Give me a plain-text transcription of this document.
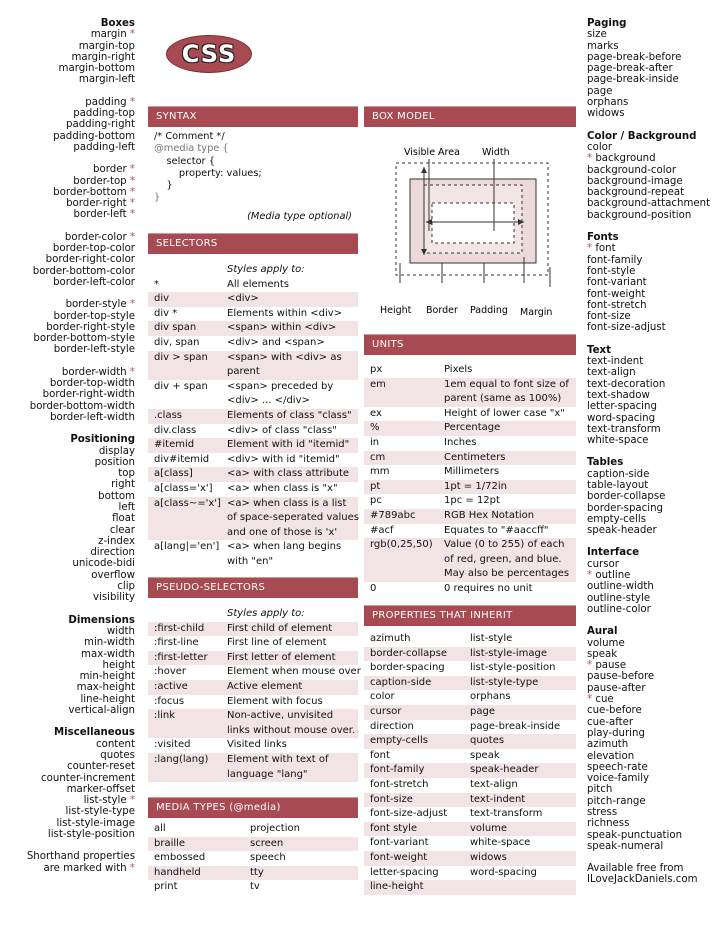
Boxes
margin *
margin-top
margin-right
margin-bottom
margin-left
padding *
padding-top
padding-right
padding-bottom
padding-left
border *
border-top *
border-bottom *
border-right *
border-left *
border-color *
border-top-color
border-right-color
border-bottom-color
border-left-color
border-style *
border-top-style
border-right-style
border-bottom-style
border-left-style
border-width *
border-top-width
border-right-width
border-bottom-width
border-left-width
Positioning
display
position
top
right
bottom
left
float
clear
z-index
direction
unicode-bidi
overflow
clip
visibility
Dimensions
width
min-width
max-width
height
min-height
max-height
line-height
vertical-align
Miscellaneous
content
quotes
counter-reset
counter-increment
marker-offset
list-style *
list-style-type
list-style-image
list-style-position
Shorthand properties
are marked with *
CSS
SYNTAX
/* Comment */
@media type {
selector {
property: values;
}
}
(Media type optional)
SELECTORS
Styles apply to:
*	All elements
div	<div>
div *	Elements within <div>
div span	<span> within <div>
div, span	<div> and <span>
div > span	<span> with <div> as
parent
div + span	<span> preceded by
<div> ... </div>
.class	Elements of class "class"
div.class	<div> of class "class"
#itemid	Element with id "itemid"
div#itemid	<div> with id "itemid"
a[class]	<a> with class attribute
a[class='x']	<a> when class is "x"
a[class~='x'] <a> when class is a list
of space-seperated values
and one of those is 'x'
a[lang|='en'] <a> when lang begins
with "en"
PSEUDO-SELECTORS
Styles apply to:
:first-child	First child of element
:first-line	First line of element
:first-letter	First letter of element
:hover	Element when mouse over
:active	Active element
:focus	Element with focus
:link	Non-active, unvisited
links without mouse over.
:visited	Visited links
:lang(lang)	Element with text of
language "lang"
MEDIA TYPES (@media)
all	projection
braille	screen
embossed	speech
handheld	tty
print	tv
BOX MODEL
Visible Area Width
Height Border Padding Margin
UNITS
px	Pixels
em	1em equal to font size of
parent (same as 100%)
ex	Height of lower case "x"
%	Percentage
in	Inches
cm	Centimeters
mm	Millimeters
pt	1pt = 1/72in
pc	1pc = 12pt
#789abc	RGB Hex Notation
#acf	Equates to "#aaccff"
rgb(0,25,50)	Value (0 to 255) of each
of red, green, and blue.
May also be percentages
0	0 requires no unit
PROPERTIES THAT INHERIT
azimuth	list-style
border-collapse	list-style-image
border-spacing	list-style-position
caption-side	list-style-type
color	orphans
cursor	page
direction	page-break-inside
empty-cells	quotes
font	speak
font-family	speak-header
font-stretch	text-align
font-size	text-indent
font-size-adjust	text-transform
font style	volume
font-variant	white-space
font-weight	widows
letter-spacing	word-spacing
line-height
Paging
size
marks
page-break-before
page-break-after
page-break-inside
page
orphans
widows
Color / Background
color
* background
background-color
background-image
background-repeat
background-attachment
background-position
Fonts
* font
font-family
font-style
font-variant
font-weight
font-stretch
font-size
font-size-adjust
Text
text-indent
text-align
text-decoration
text-shadow
letter-spacing
word-spacing
text-transform
white-space
Tables
caption-side
table-layout
border-collapse
border-spacing
empty-cells
speak-header
Interface
cursor
* outline
outline-width
outline-style
outline-color
Aural
volume
speak
* pause
pause-before
pause-after
* cue
cue-before
cue-after
play-during
azimuth
elevation
speech-rate
voice-family
pitch
pitch-range
stress
richness
speak-punctuation
speak-numeral
Available free from
ILoveJackDaniels.com
